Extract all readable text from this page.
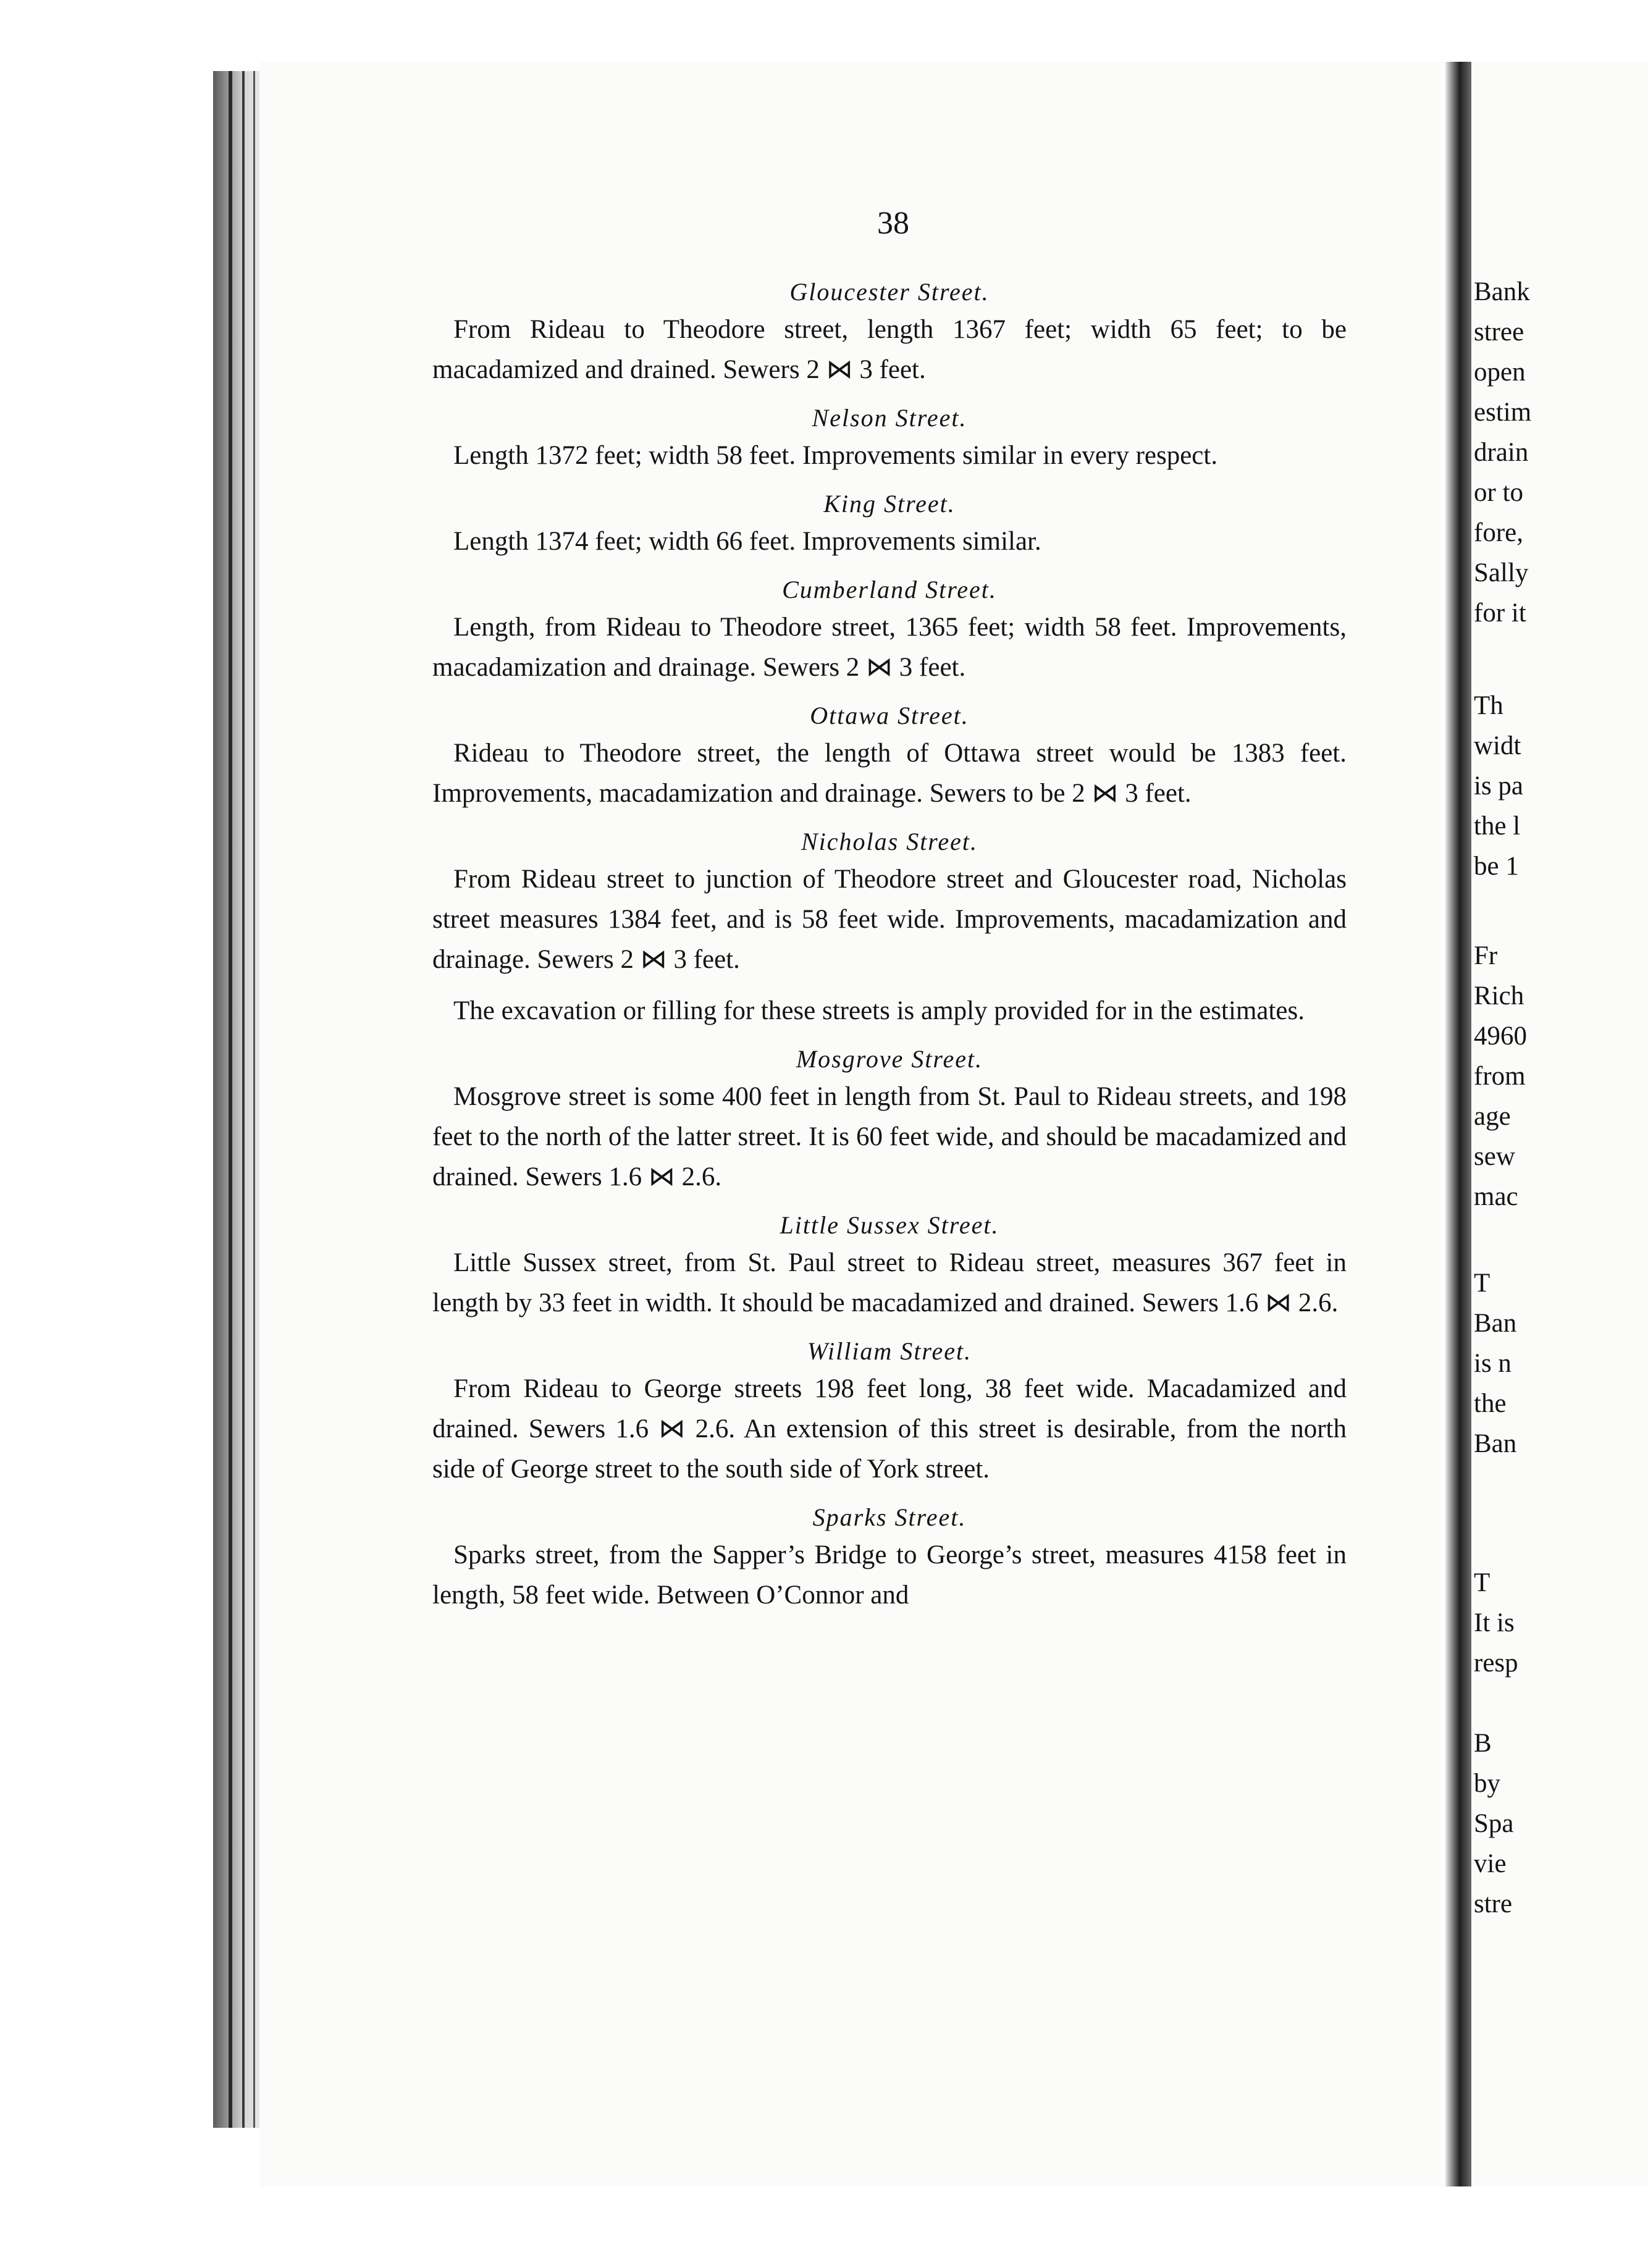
38
Gloucester Street.

From Rideau to Theodore street, length 1367 feet; width 65 feet; to be macadamized and drained. Sewers 2 ⋈ 3 feet.

Nelson Street.

Length 1372 feet; width 58 feet. Improvements similar in every respect.

King Street.

Length 1374 feet; width 66 feet. Improvements similar.

Cumberland Street.

Length, from Rideau to Theodore street, 1365 feet; width 58 feet. Improvements, macadamization and drainage. Sewers 2 ⋈ 3 feet.

Ottawa Street.

Rideau to Theodore street, the length of Ottawa street would be 1383 feet. Improvements, macadamization and drainage. Sewers to be 2 ⋈ 3 feet.

Nicholas Street.

From Rideau street to junction of Theodore street and Gloucester road, Nicholas street measures 1384 feet, and is 58 feet wide. Improvements, macadamization and drainage. Sewers 2 ⋈ 3 feet.

The excavation or filling for these streets is amply provided for in the estimates.

Mosgrove Street.

Mosgrove street is some 400 feet in length from St. Paul to Rideau streets, and 198 feet to the north of the latter street. It is 60 feet wide, and should be macadamized and drained. Sewers 1.6 ⋈ 2.6.

Little Sussex Street.

Little Sussex street, from St. Paul street to Rideau street, measures 367 feet in length by 33 feet in width. It should be macadamized and drained. Sewers 1.6 ⋈ 2.6.

William Street.

From Rideau to George streets 198 feet long, 38 feet wide. Macadamized and drained. Sewers 1.6 ⋈ 2.6. An extension of this street is desirable, from the north side of George street to the south side of York street.

Sparks Street.

Sparks street, from the Sapper’s Bridge to George’s street, measures 4158 feet in length, 58 feet wide. Between O’Connor and

Bank
stree
open
estim
drain
or to
fore,
Sally
for it
Th
widt
is pa
the l
be 1
Fr
Rich
4960
from
age
sew
mac
T
Ban
is n
the
Ban
T
It is
resp
B
by
Spa
vie
stre
